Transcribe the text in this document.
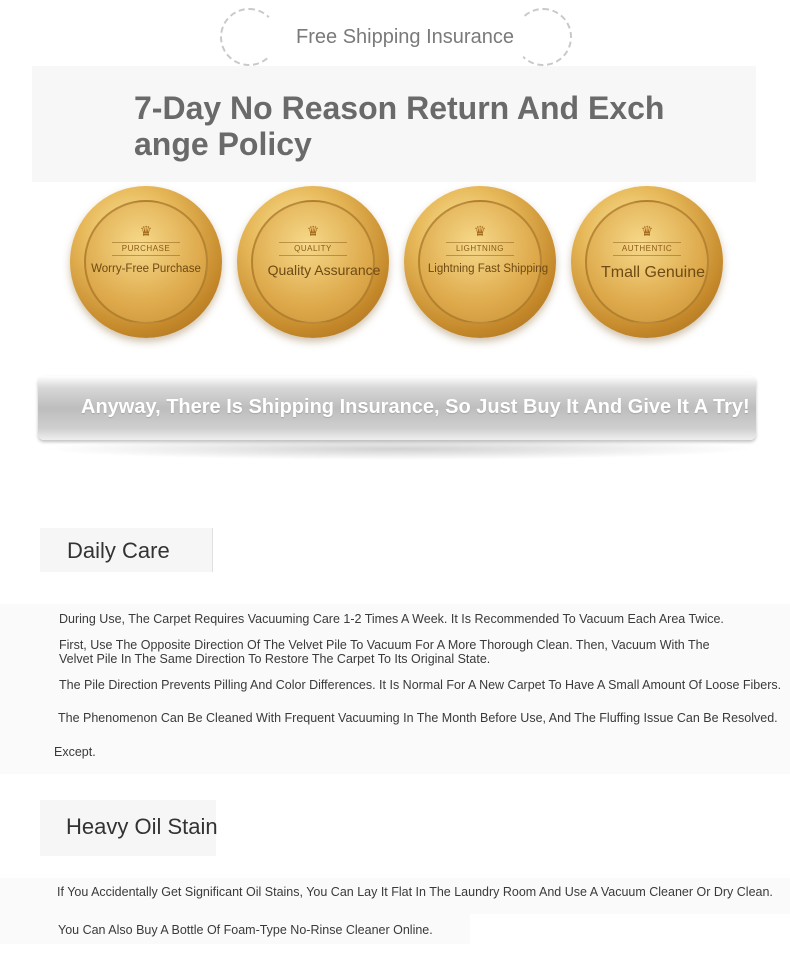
Free Shipping Insurance
7-Day No Reason Return And Exchange Policy
♛
PURCHASE
Worry-Free Purchase
♛
QUALITY
Quality Assurance
♛
LIGHTNING
Lightning Fast Shipping
♛
AUTHENTIC
Tmall Genuine
Anyway, There Is Shipping Insurance, So Just Buy It And Give It A Try!
Daily Care
During Use, The Carpet Requires Vacuuming Care 1-2 Times A Week. It Is Recommended To Vacuum Each Area Twice.
First, Use The Opposite Direction Of The Velvet Pile To Vacuum For A More Thorough Clean. Then, Vacuum With The Velvet Pile In The Same Direction To Restore The Carpet To Its Original State.
The Pile Direction Prevents Pilling And Color Differences. It Is Normal For A New Carpet To Have A Small Amount Of Loose Fibers.
The Phenomenon Can Be Cleaned With Frequent Vacuuming In The Month Before Use, And The Fluffing Issue Can Be Resolved.
Except.
Heavy Oil Stain
If You Accidentally Get Significant Oil Stains, You Can Lay It Flat In The Laundry Room And Use A Vacuum Cleaner Or Dry Clean.
You Can Also Buy A Bottle Of Foam-Type No-Rinse Cleaner Online.
